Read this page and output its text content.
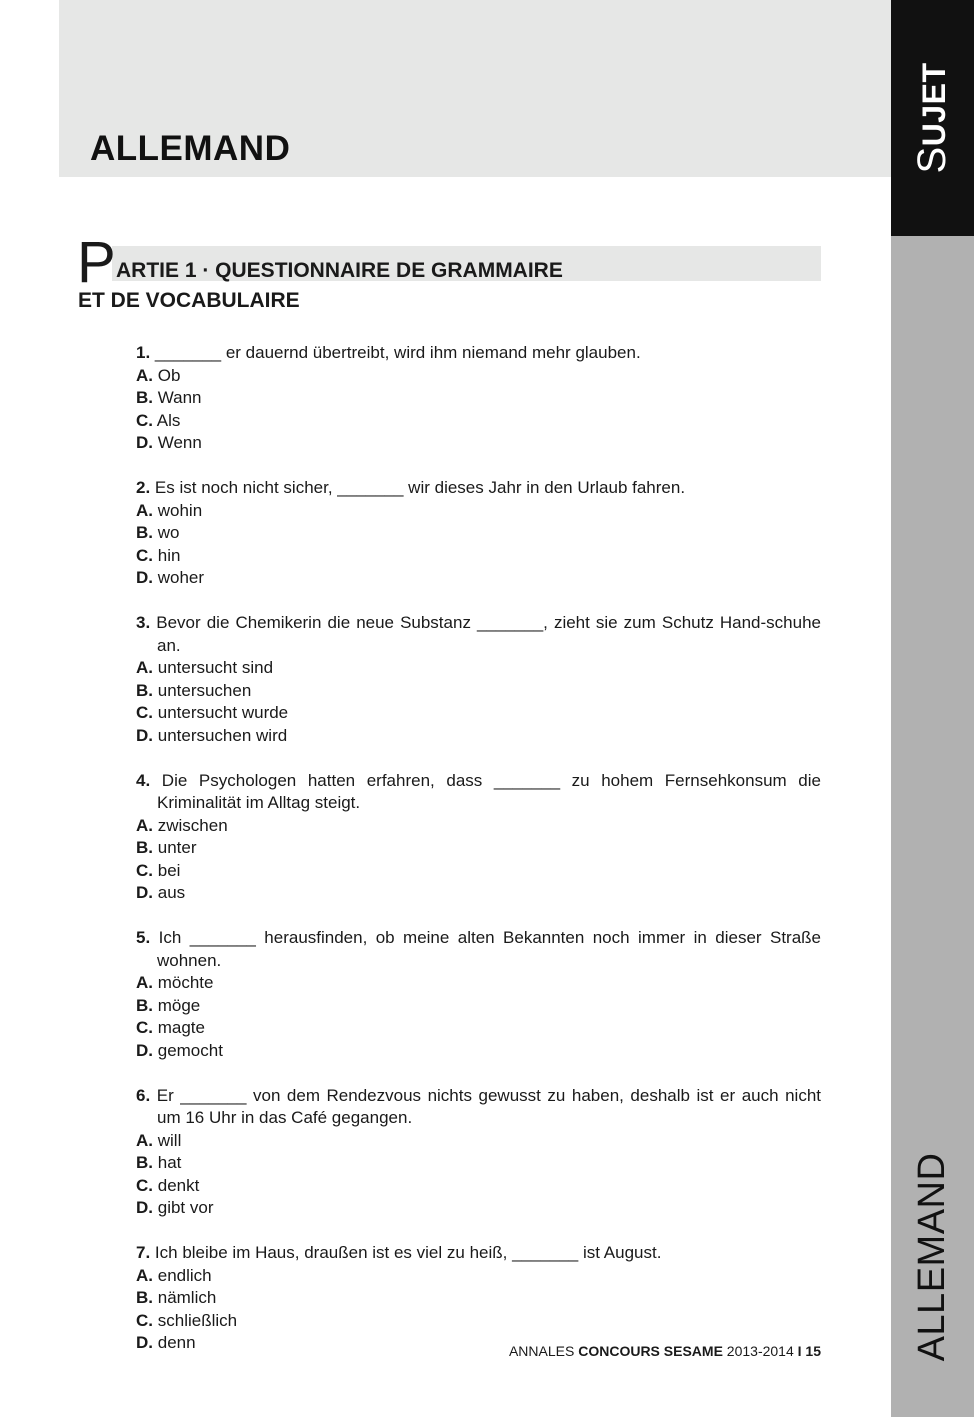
ALLEMAND	SUJET
ALLEMAND
P ARTIE 1 · QUESTIONNAIRE DE GRAMMAIRE
ET DE VOCABULAIRE
1. _______ er dauernd übertreibt, wird ihm niemand mehr glauben.
A. Ob
B. Wann
C. Als
D. Wenn
2. Es ist noch nicht sicher, _______ wir dieses Jahr in den Urlaub fahren.
A. wohin
B. wo
C. hin
D. woher
3. Bevor die Chemikerin die neue Substanz _______, zieht sie zum Schutz Hand-schuhe an.
A. untersucht sind
B. untersuchen
C. untersucht wurde
D. untersuchen wird
4. Die Psychologen hatten erfahren, dass _______ zu hohem Fernsehkonsum die Kriminalität im Alltag steigt.
A. zwischen
B. unter
C. bei
D. aus
5. Ich _______ herausfinden, ob meine alten Bekannten noch immer in dieser Straße wohnen.
A. möchte
B. möge
C. magte
D. gemocht
6. Er _______ von dem Rendezvous nichts gewusst zu haben, deshalb ist er auch nicht um 16 Uhr in das Café gegangen.
A. will
B. hat
C. denkt
D. gibt vor
7. Ich bleibe im Haus, draußen ist es viel zu heiß, _______ ist August.
A. endlich
B. nämlich
C. schließlich
D. denn	ANNALES CONCOURS SESAME 2013-2014 I 15
